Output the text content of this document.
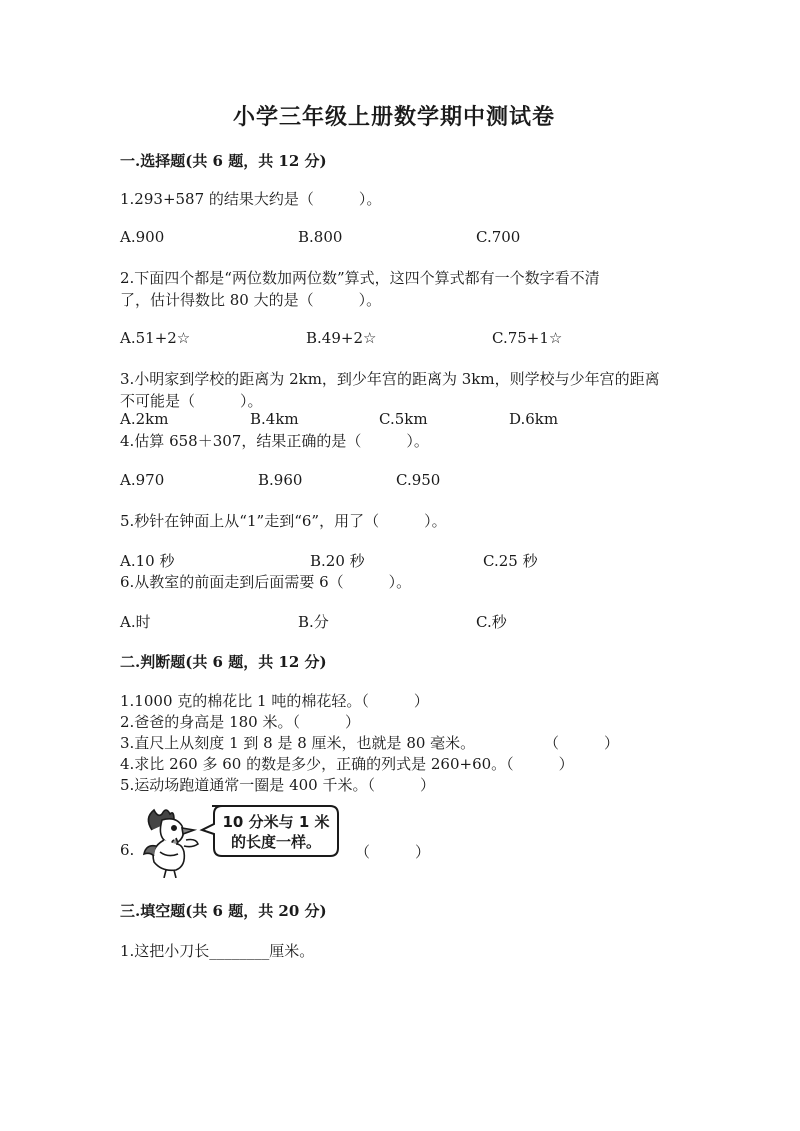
小学三年级上册数学期中测试卷
一.选择题(共 6 题，共 12 分)
1.293+587 的结果大约是（　　　）。
A.900	B.800	C.700
2.下面四个都是“两位数加两位数”算式，这四个算式都有一个数字看不清
了，估计得数比 80 大的是（　　　）。
A.51+2☆	B.49+2☆	C.75+1☆
3.小明家到学校的距离为 2km，到少年宫的距离为 3km，则学校与少年宫的距离
不可能是（　　　）。
A.2km	B.4km	C.5km	D.6km
4.估算 658＋307，结果正确的是（　　　）。
A.970	B.960	C.950
5.秒针在钟面上从“1”走到“6”，用了（　　　）。
A.10 秒	B.20 秒	C.25 秒
6.从教室的前面走到后面需要 6（　　　）。
A.时	B.分	C.秒
二.判断题(共 6 题，共 12 分)
1.1000 克的棉花比 1 吨的棉花轻。（　　　）
2.爸爸的身高是 180 米。（　　　）
3.直尺上从刻度 1 到 8 是 8 厘米，也就是 80 毫米。	（　　　）
4.求比 260 多 60 的数是多少，正确的列式是 260+60。（　　　）
5.运动场跑道通常一圈是 400 千米。（　　　）
6.
10 分米与 1 米
的长度一样。
（　　　）
三.填空题(共 6 题，共 20 分)
1.这把小刀长________厘米。
